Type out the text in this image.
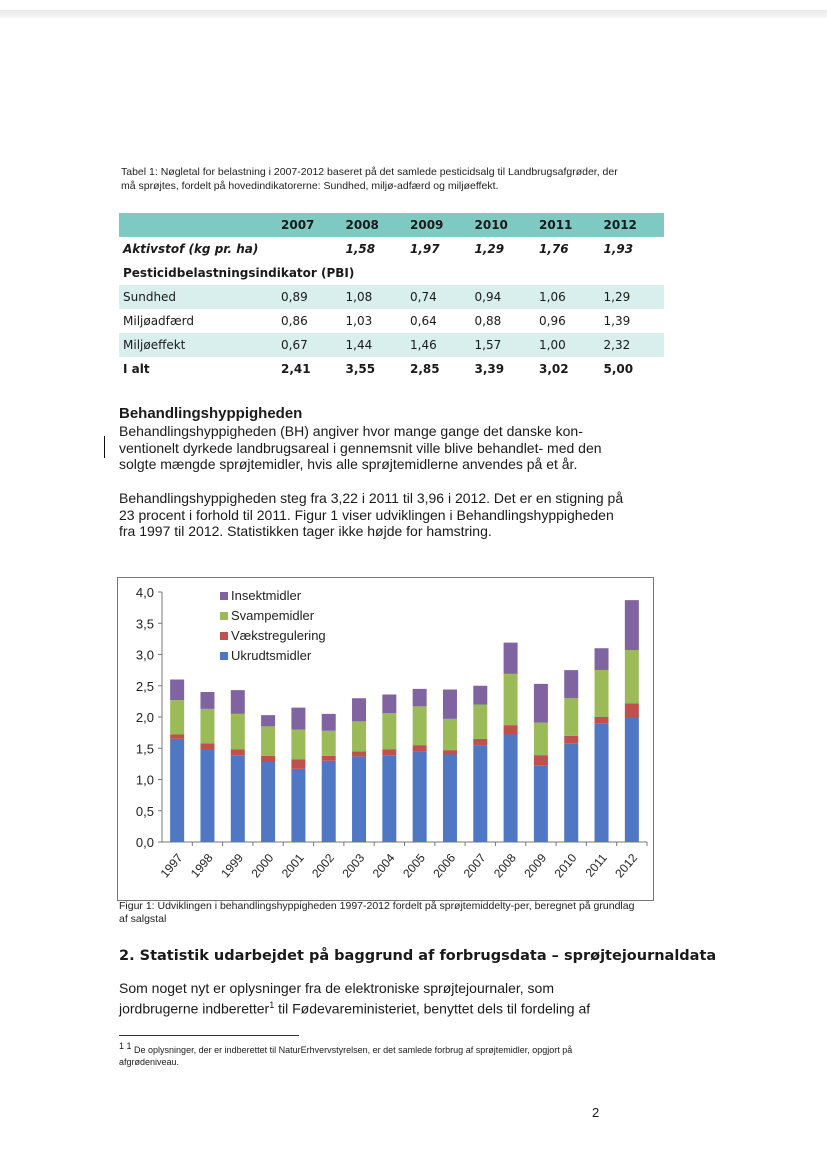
Tabel 1: Nøgletal for belastning i 2007-2012 baseret på det samlede pesticidsalg til Landbrugsafgrøder, der må sprøjtes, fordelt på hovedindikatorerne: Sundhed, miljø-adfærd og miljøeffekt.
	2007	2008	2009	2010	2011	2012
Aktivstof (kg pr. ha)		1,58	1,97	1,29	1,76	1,93
Pesticidbelastningsindikator (PBI)						
Sundhed	0,89	1,08	0,74	0,94	1,06	1,29
Miljøadfærd	0,86	1,03	0,64	0,88	0,96	1,39
Miljøeffekt	0,67	1,44	1,46	1,57	1,00	2,32
I alt	2,41	3,55	2,85	3,39	3,02	5,00
Behandlingshyppigheden
Behandlingshyppigheden (BH) angiver hvor mange gange det danske kon-ventionelt dyrkede landbrugsareal i gennemsnit ville blive behandlet- med den solgte mængde sprøjtemidler, hvis alle sprøjtemidlerne anvendes på et år.
Behandlingshyppigheden steg fra 3,22 i 2011 til 3,96 i 2012. Det er en stigning på 23 procent i forhold til 2011. Figur 1 viser udviklingen i Behandlingshyppigheden fra 1997 til 2012. Statistikken tager ikke højde for hamstring.
0,0
0,5
1,0
1,5
2,0
2,5
3,0
3,5
4,0
1997 1998 1999 2000 2001 2002 2003 2004 2005 2006 2007 2008 2009 2010 2011 2012
Insektmidler
Svampemidler
Vækstregulering
Ukrudtsmidler
Figur 1: Udviklingen i behandlingshyppigheden 1997-2012 fordelt på sprøjtemiddelty-per, beregnet på grundlag af salgstal
2. Statistik udarbejdet på baggrund af forbrugsdata – sprøjtejournaldata
Som noget nyt er oplysninger fra de elektroniske sprøjtejournaler, som jordbrugerne indberetter$^1$ til Fødevareministeriet, benyttet dels til fordeling af
$^{1 1}$ De oplysninger, der er indberettet til NaturErhvervstyrelsen, er det samlede forbrug af sprøjtemidler, opgjort på afgrødeniveau.
2
